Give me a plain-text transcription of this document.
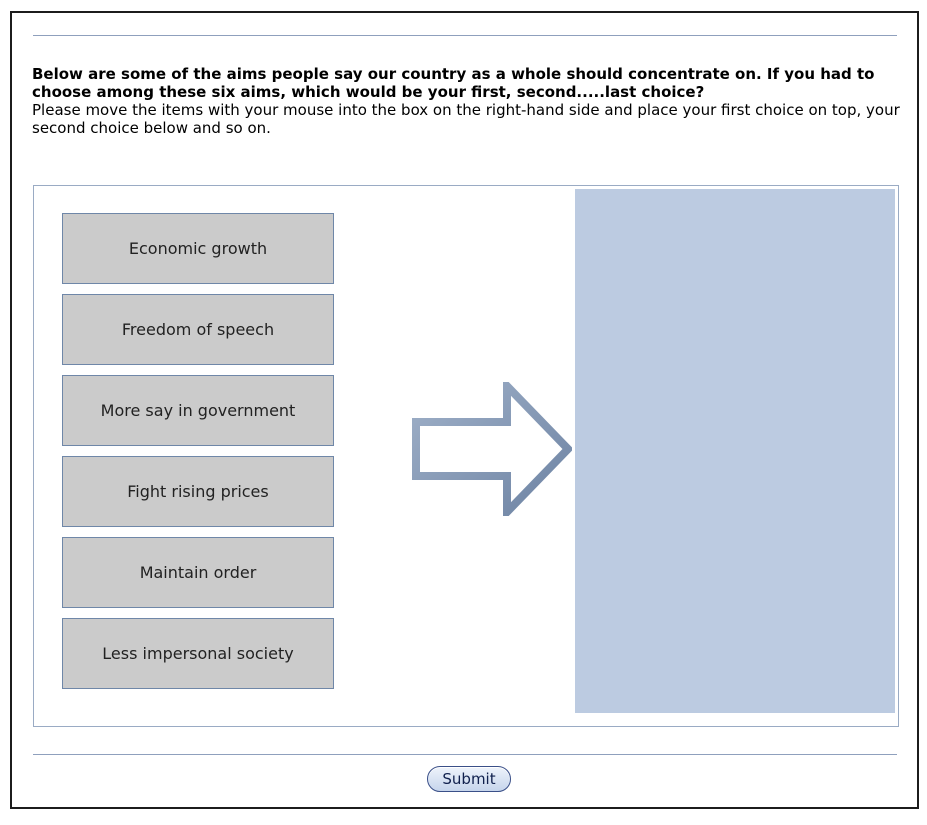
Below are some of the aims people say our country as a whole should concentrate on. If you had to choose among these six aims, which would be your first, second.....last choice?
Please move the items with your mouse into the box on the right-hand side and place your first choice on top, your second choice below and so on.
Economic growth
Freedom of speech
More say in government
Fight rising prices
Maintain order
Less impersonal society
Submit
